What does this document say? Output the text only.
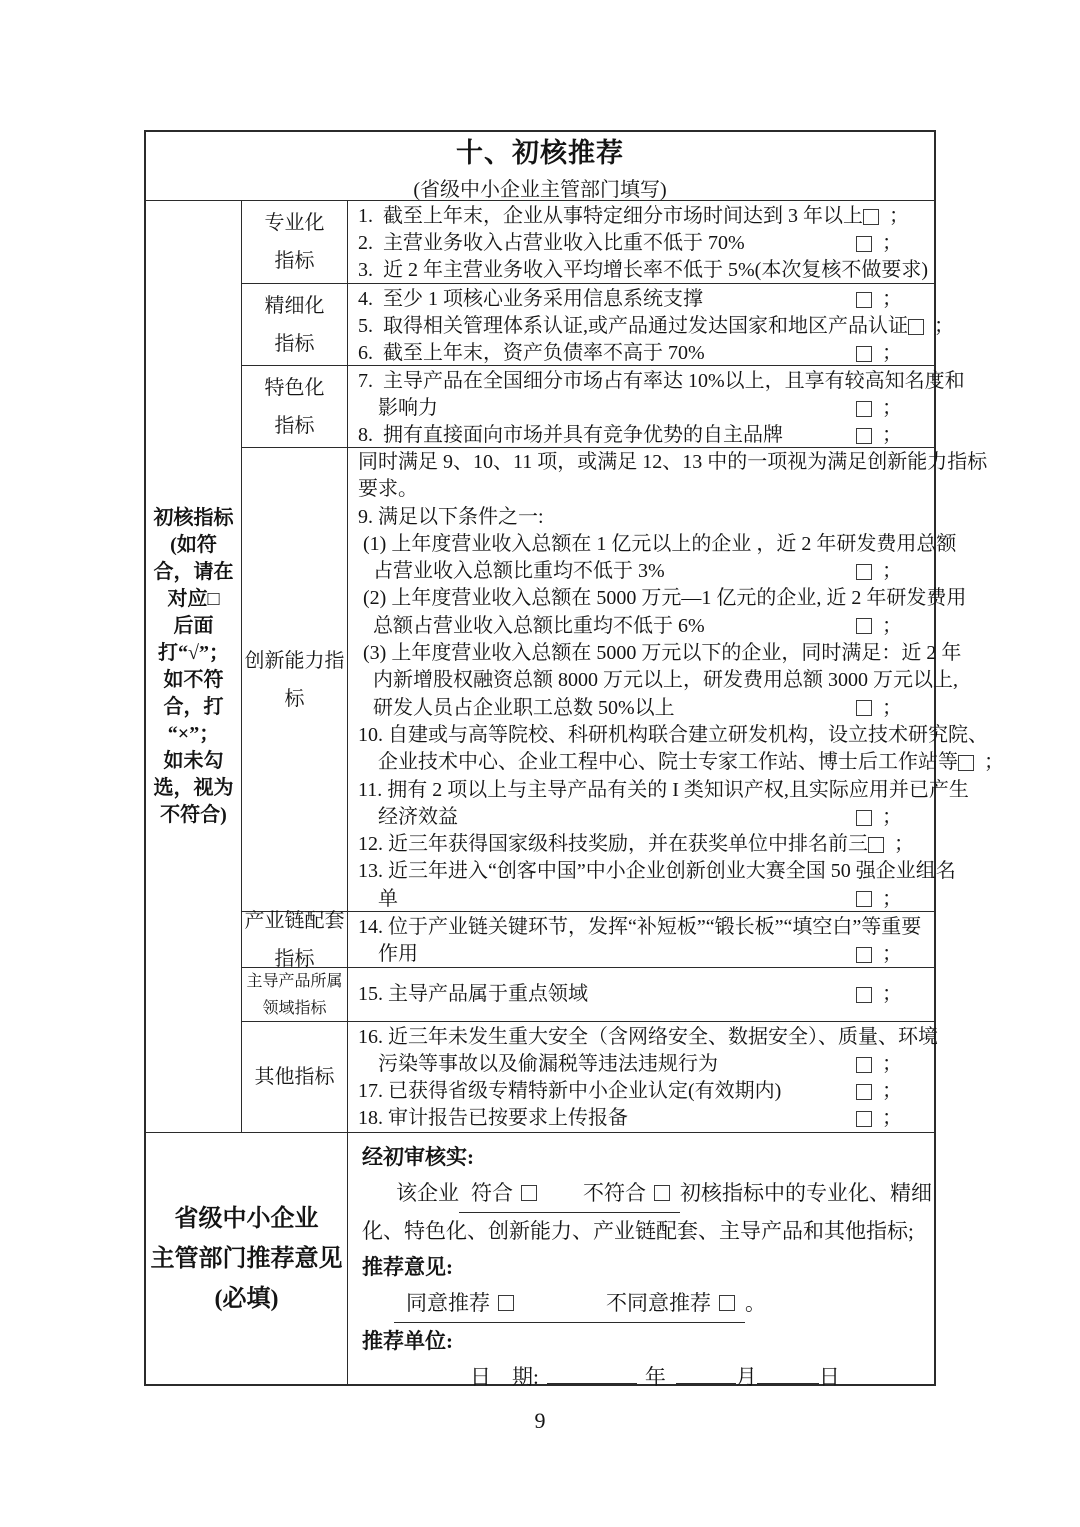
十、初核推荐
(省级中小企业主管部门填写)
初核指标
(如符
合，请在
对应□
后面
打“√”；
如不符
合，打
“×”；
如未勾
选，视为
不符合)
专业化
指标
1.  截至上年末，企业从事特定细分市场时间达到 3 年以上 ；
2.  主营业务收入占营业收入比重不低于 70%	；
3.  近 2 年主营业务收入平均增长率不低于 5% (本次复核不做要求)
精细化
指标
4.  至少 1 项核心业务采用信息系统支撑	；
5.  取得相关管理体系认证,或产品通过发达国家和地区产品认证 ；
6.  截至上年末，资产负债率不高于 70%	；
特色化
指标
7.  主导产品在全国细分市场占有率达 10%以上，且享有较高知名度和
影响力	；
8.  拥有直接面向市场并具有竞争优势的自主品牌	；
创新能力指
标
同时满足 9、10、11 项，或满足 12、13 中的一项视为满足创新能力指标
要求。
9. 满足以下条件之一:
(1) 上年度营业收入总额在 1 亿元以上的企业 ，近 2 年研发费用总额
占营业收入总额比重均不低于 3%	；
(2) 上年度营业收入总额在 5000 万元—1 亿元的企业, 近 2 年研发费用
总额占营业收入总额比重均不低于 6%	；
(3) 上年度营业收入总额在 5000 万元以下的企业，同时满足：近 2 年
内新增股权融资总额 8000 万元以上，研发费用总额 3000 万元以上,
研发人员占企业职工总数 50%以上	；
10. 自建或与高等院校、科研机构联合建立研发机构，设立技术研究院、
企业技术中心、企业工程中心、院士专家工作站、博士后工作站等 ；
11. 拥有 2 项以上与主导产品有关的 I 类知识产权,且实际应用并已产生
经济效益	；
12. 近三年获得国家级科技奖励，并在获奖单位中排名前三 ；
13. 近三年进入“创客中国”中小企业创新创业大赛全国 50 强企业组名
单	；
产业链配套
指标
14. 位于产业链关键环节，发挥“补短板”“锻长板”“填空白”等重要
作用	；
主导产品所属
领域指标
15. 主导产品属于重点领域	；
其他指标
16. 近三年未发生重大安全（含网络安全、数据安全）、质量、环境
污染等事故以及偷漏税等违法违规行为	；
17. 已获得省级专精特新中小企业认定(有效期内)	；
18. 审计报告已按要求上传报备	；
省级中小企业
主管部门推荐意见
(必填)
经初审核实:
该企业 符合	不符合 初核指标中的专业化、精细
化、特色化、创新能力、产业链配套、主导产品和其他指标;
推荐意见:
同意推荐	不同意推荐 。
推荐单位:
日　期:	年	月	日
9
